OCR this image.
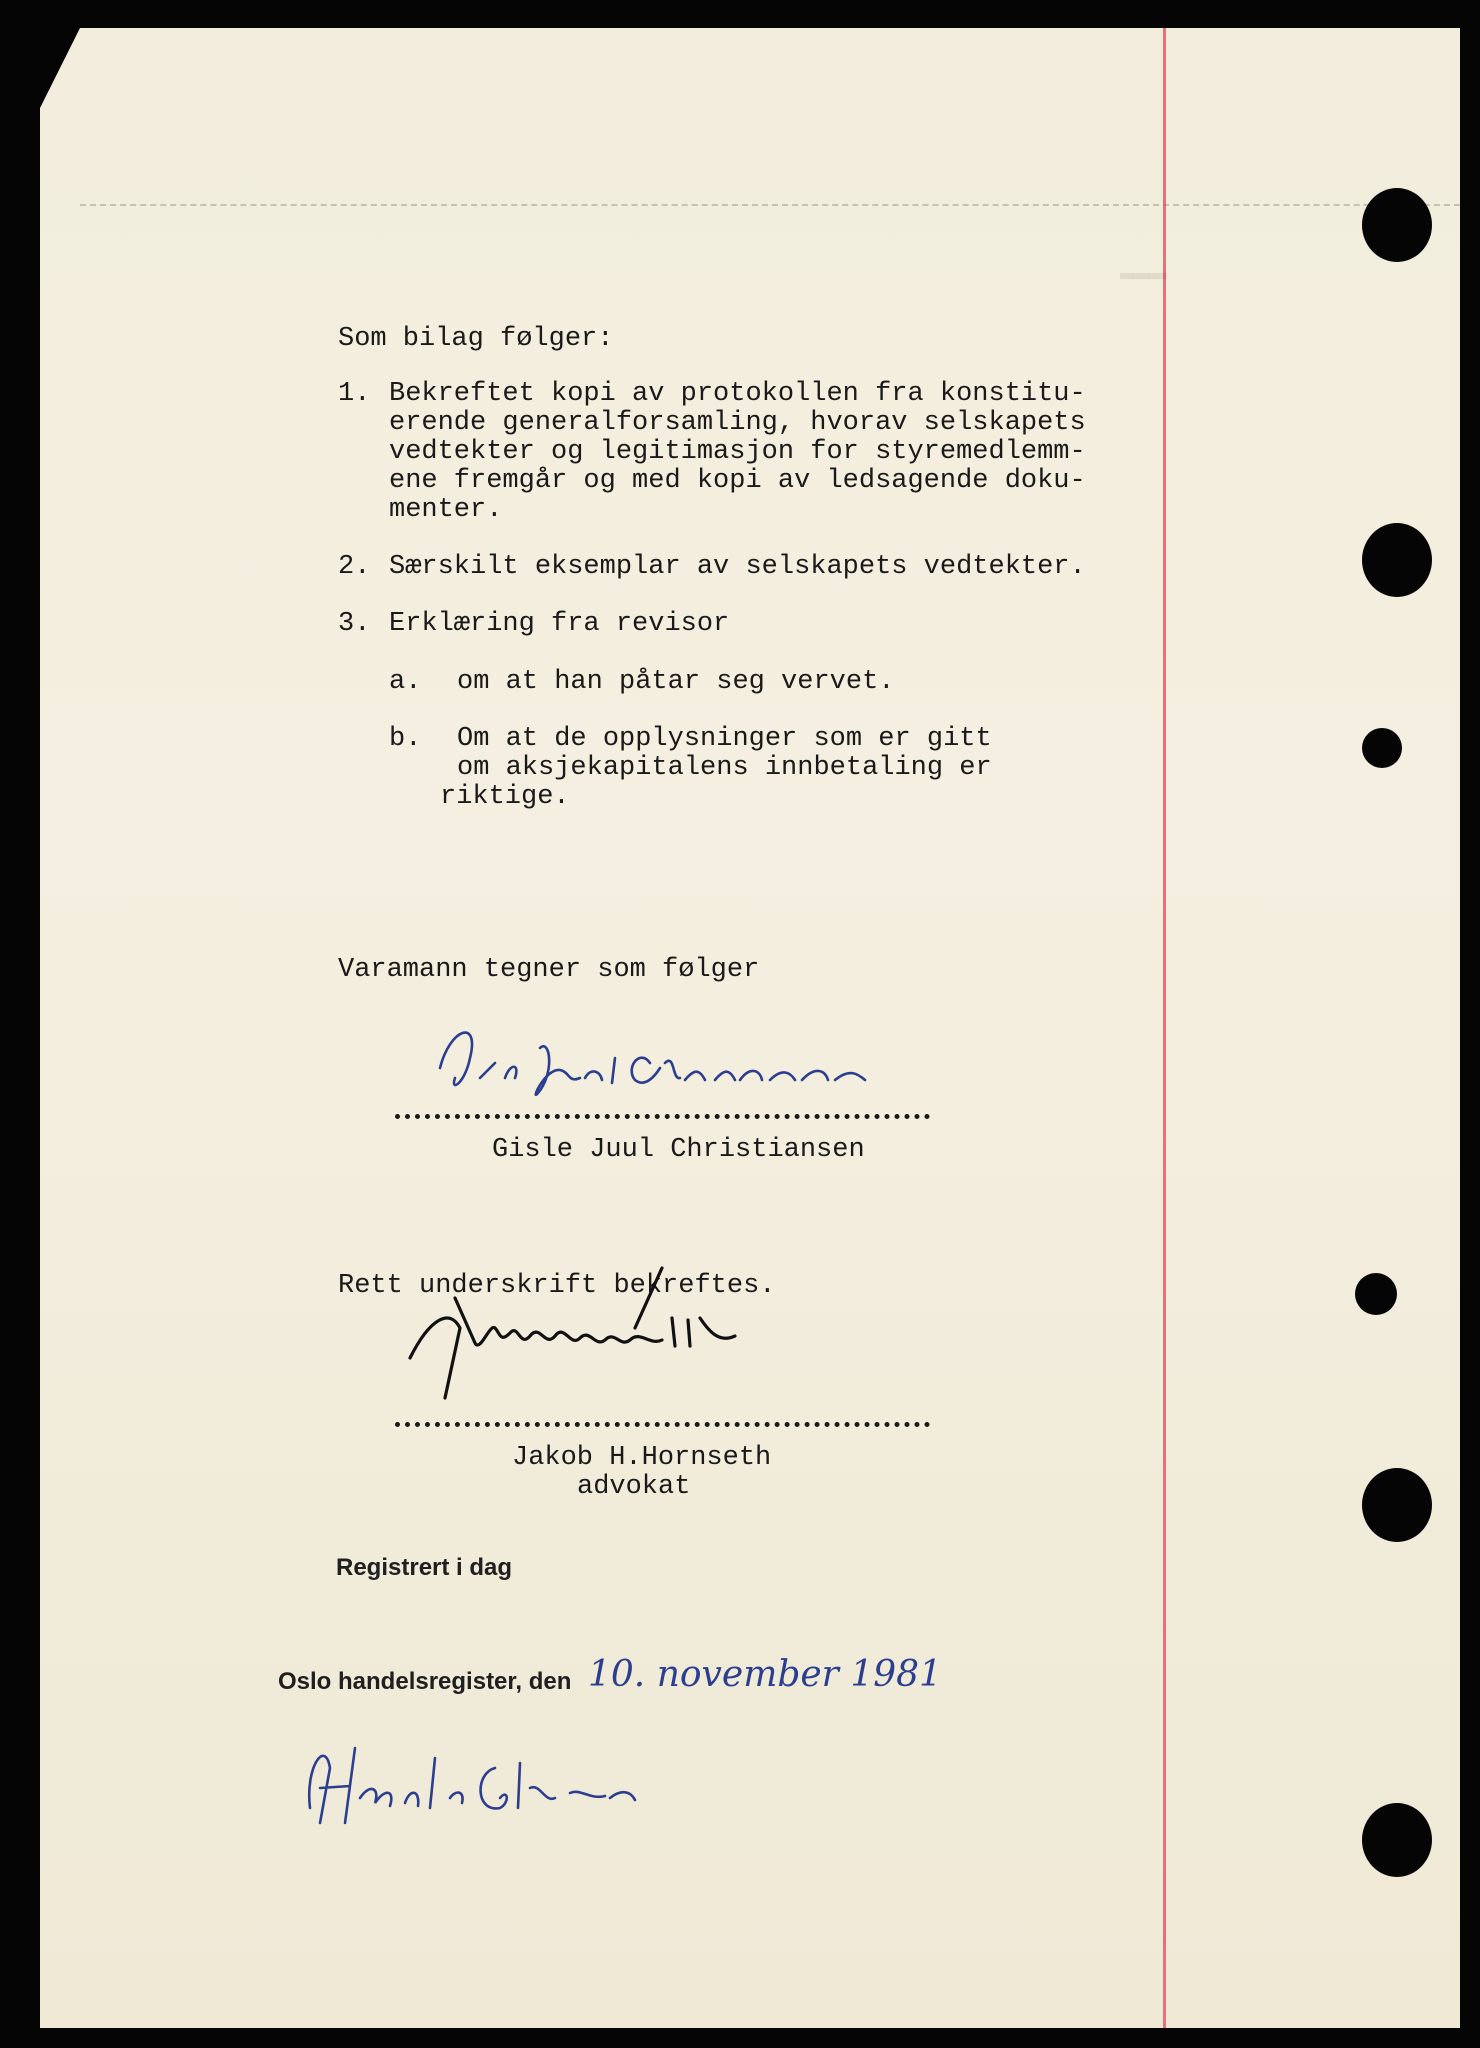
▬▬▬
Som bilag følger:
1. Bekreftet kopi av protokollen fra konstitu-
erende generalforsamling, hvorav selskapets
vedtekter og legitimasjon for styremedlemm-
ene fremgår og med kopi av ledsagende doku-
menter.
2. Særskilt eksemplar av selskapets vedtekter.
3. Erklæring fra revisor
a. om at han påtar seg vervet.
b. Om at de opplysninger som er gitt
om aksjekapitalens innbetaling er
riktige.
Varamann tegner som følger
Gisle Juul Christiansen
Rett underskrift bekreftes.
Jakob H.Hornseth
advokat
Registrert i dag
Oslo handelsregister, den 10. november 1981
